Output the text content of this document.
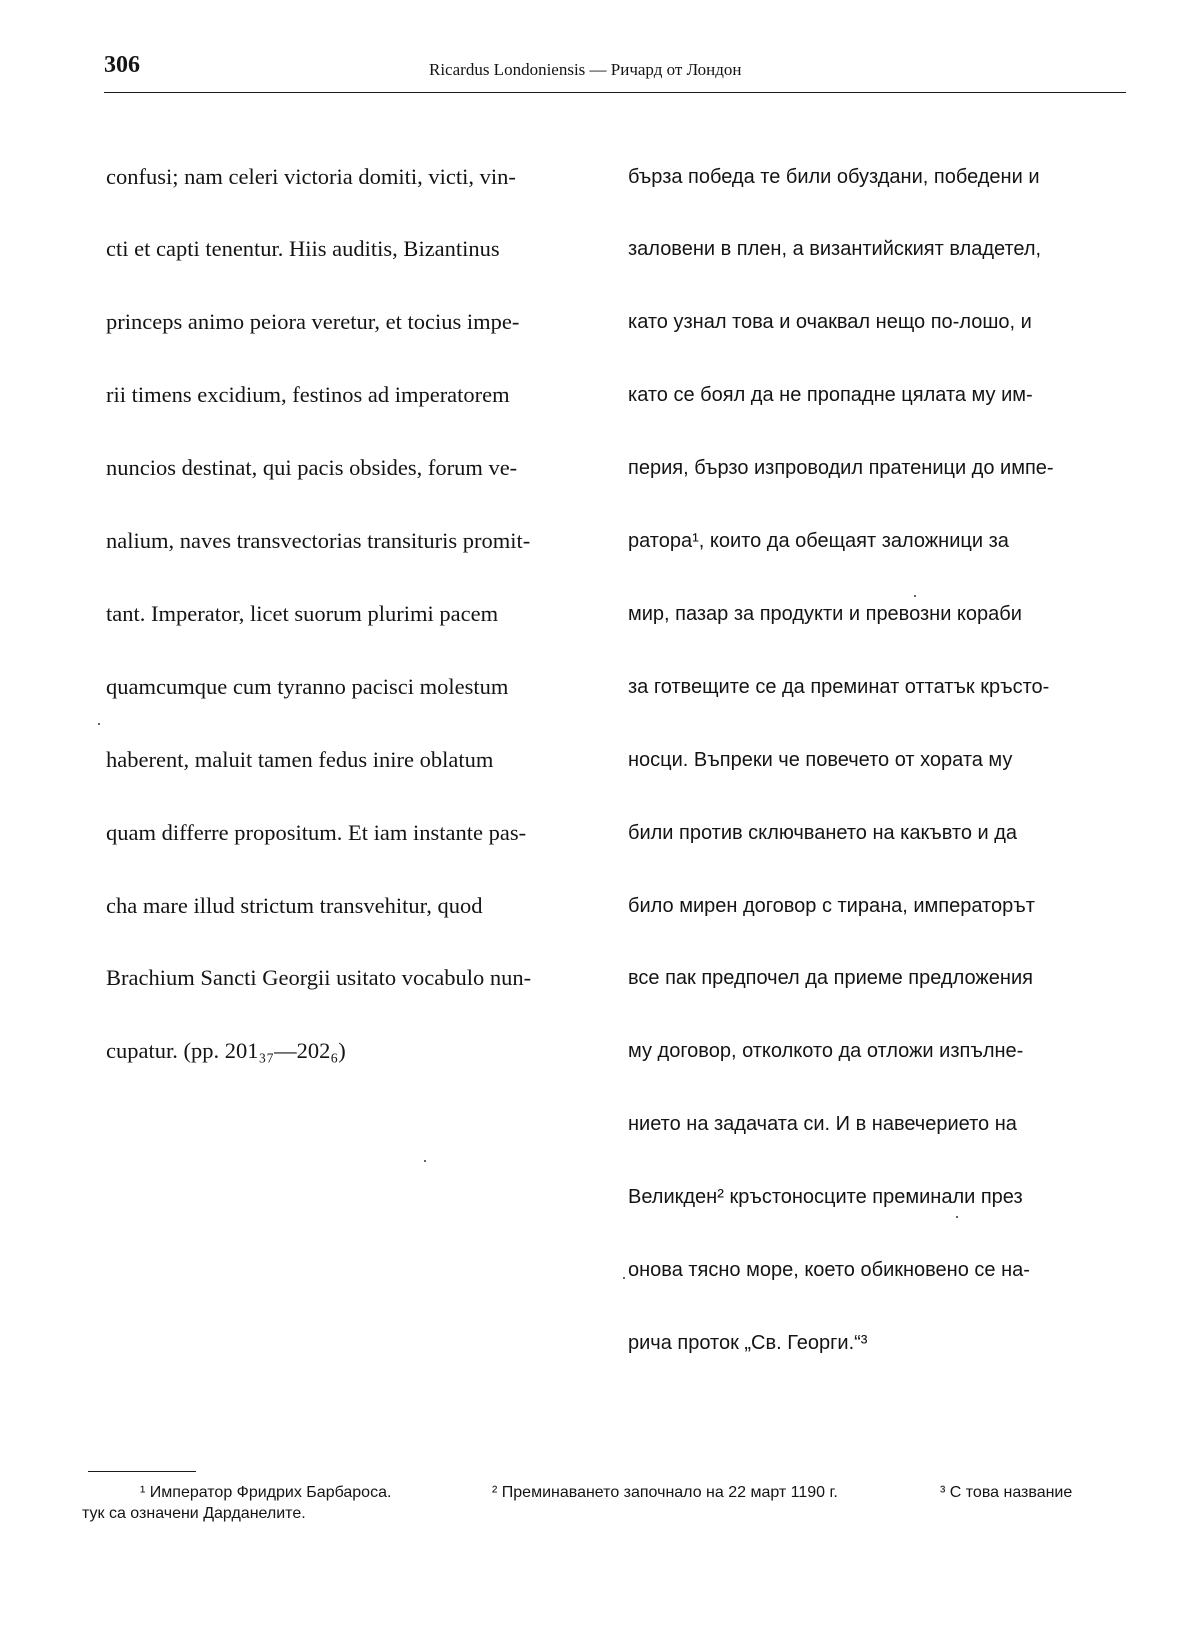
306	Ricardus Londoniensis — Ричард от Лондон

confusi; nam celeri victoria domiti, victi, vin-

cti et capti tenentur. Hiis auditis, Bizantinus

princeps animo peiora veretur, et tocius impe-

rii timens excidium, festinos ad imperatorem

nuncios destinat, qui pacis obsides, forum ve-

nalium, naves transvectorias transituris promit-

tant. Imperator, licet suorum plurimi pacem

quamcumque cum tyranno pacisci molestum

haberent, maluit tamen fedus inire oblatum

quam differre propositum. Et iam instante pas-

cha mare illud strictum transvehitur, quod

Brachium Sancti Georgii usitato vocabulo nun-

cupatur. (pp. 201₃₇—202₆)

бърза победа те били обуздани, победени и

заловени в плен, а византийският владетел,

като узнал това и очаквал нещо по-лошо, и

като се боял да не пропадне цялата му им-

перия, бързо изпроводил пратеници до импе-

ратора¹, които да обещаят заложници за

мир, пазар за продукти и превозни кораби

за готвещите се да преминат оттатък кръсто-

носци. Въпреки че повечето от хората му

били против сключването на какъвто и да

било мирен договор с тирана, императорът

все пак предпочел да приеме предложения

му договор, отколкото да отложи изпълне-

нието на задачата си. И в навечерието на

Великден² кръстоносците преминали през

онова тясно море, което обикновено се на-

рича проток „Св. Георги.“³

¹ Император Фридрих Барбароса.	² Преминаването започнало на 22 март 1190 г.	³ С това название
тук са означени Дарданелите.
